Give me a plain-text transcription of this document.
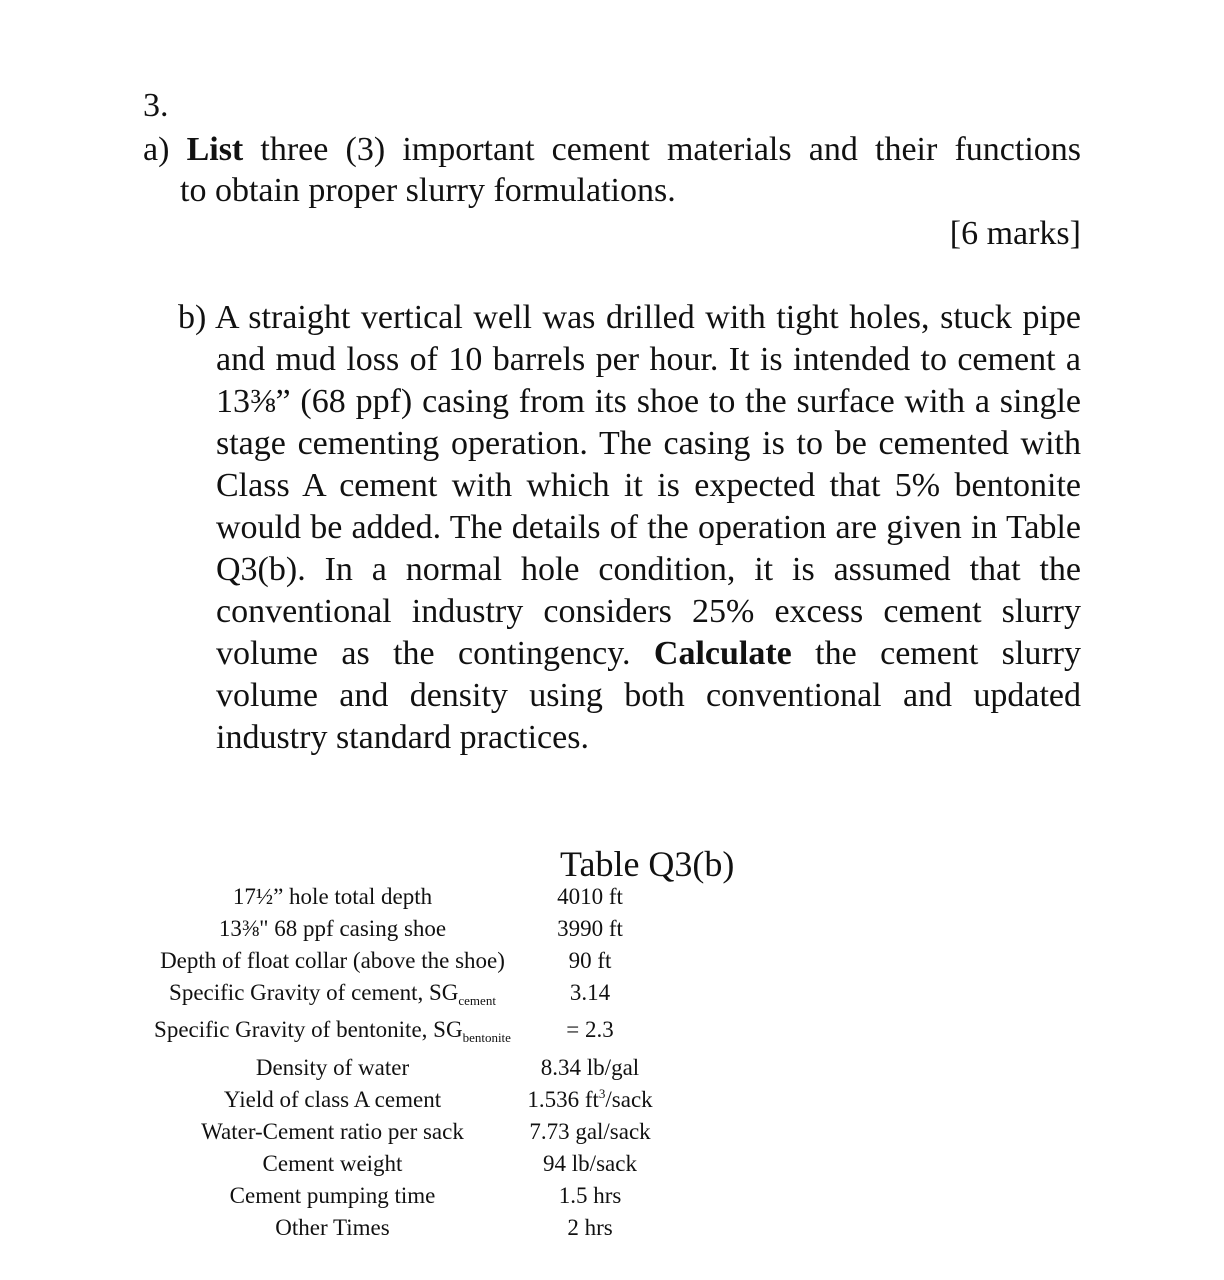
3.
a) List three (3) important cement materials and their functions
to obtain proper slurry formulations.
[6 marks]

b) A straight vertical well was drilled with tight holes, stuck pipe and mud loss of 10 barrels per hour. It is intended to cement a 13⅜” (68 ppf) casing from its shoe to the surface with a single stage cementing operation. The casing is to be cemented with Class A cement with which it is expected that 5% bentonite would be added. The details of the operation are given in Table Q3(b). In a normal hole condition, it is assumed that the conventional industry considers 25% excess cement slurry volume as the contingency. Calculate the cement slurry volume and density using both conventional and updated industry standard practices.

Table Q3(b)
17½” hole total depth	4010 ft
13⅜" 68 ppf casing shoe	3990 ft
Depth of float collar (above the shoe)	90 ft
Specific Gravity of cement, $SG_{cement}$	3.14
Specific Gravity of bentonite, $SG_{bentonite}$	= 2.3
Density of water	8.34 lb/gal
Yield of class A cement	1.536 $ft^3$/sack
Water-Cement ratio per sack	7.73 gal/sack
Cement weight	94 lb/sack
Cement pumping time	1.5 hrs
Other Times	2 hrs
